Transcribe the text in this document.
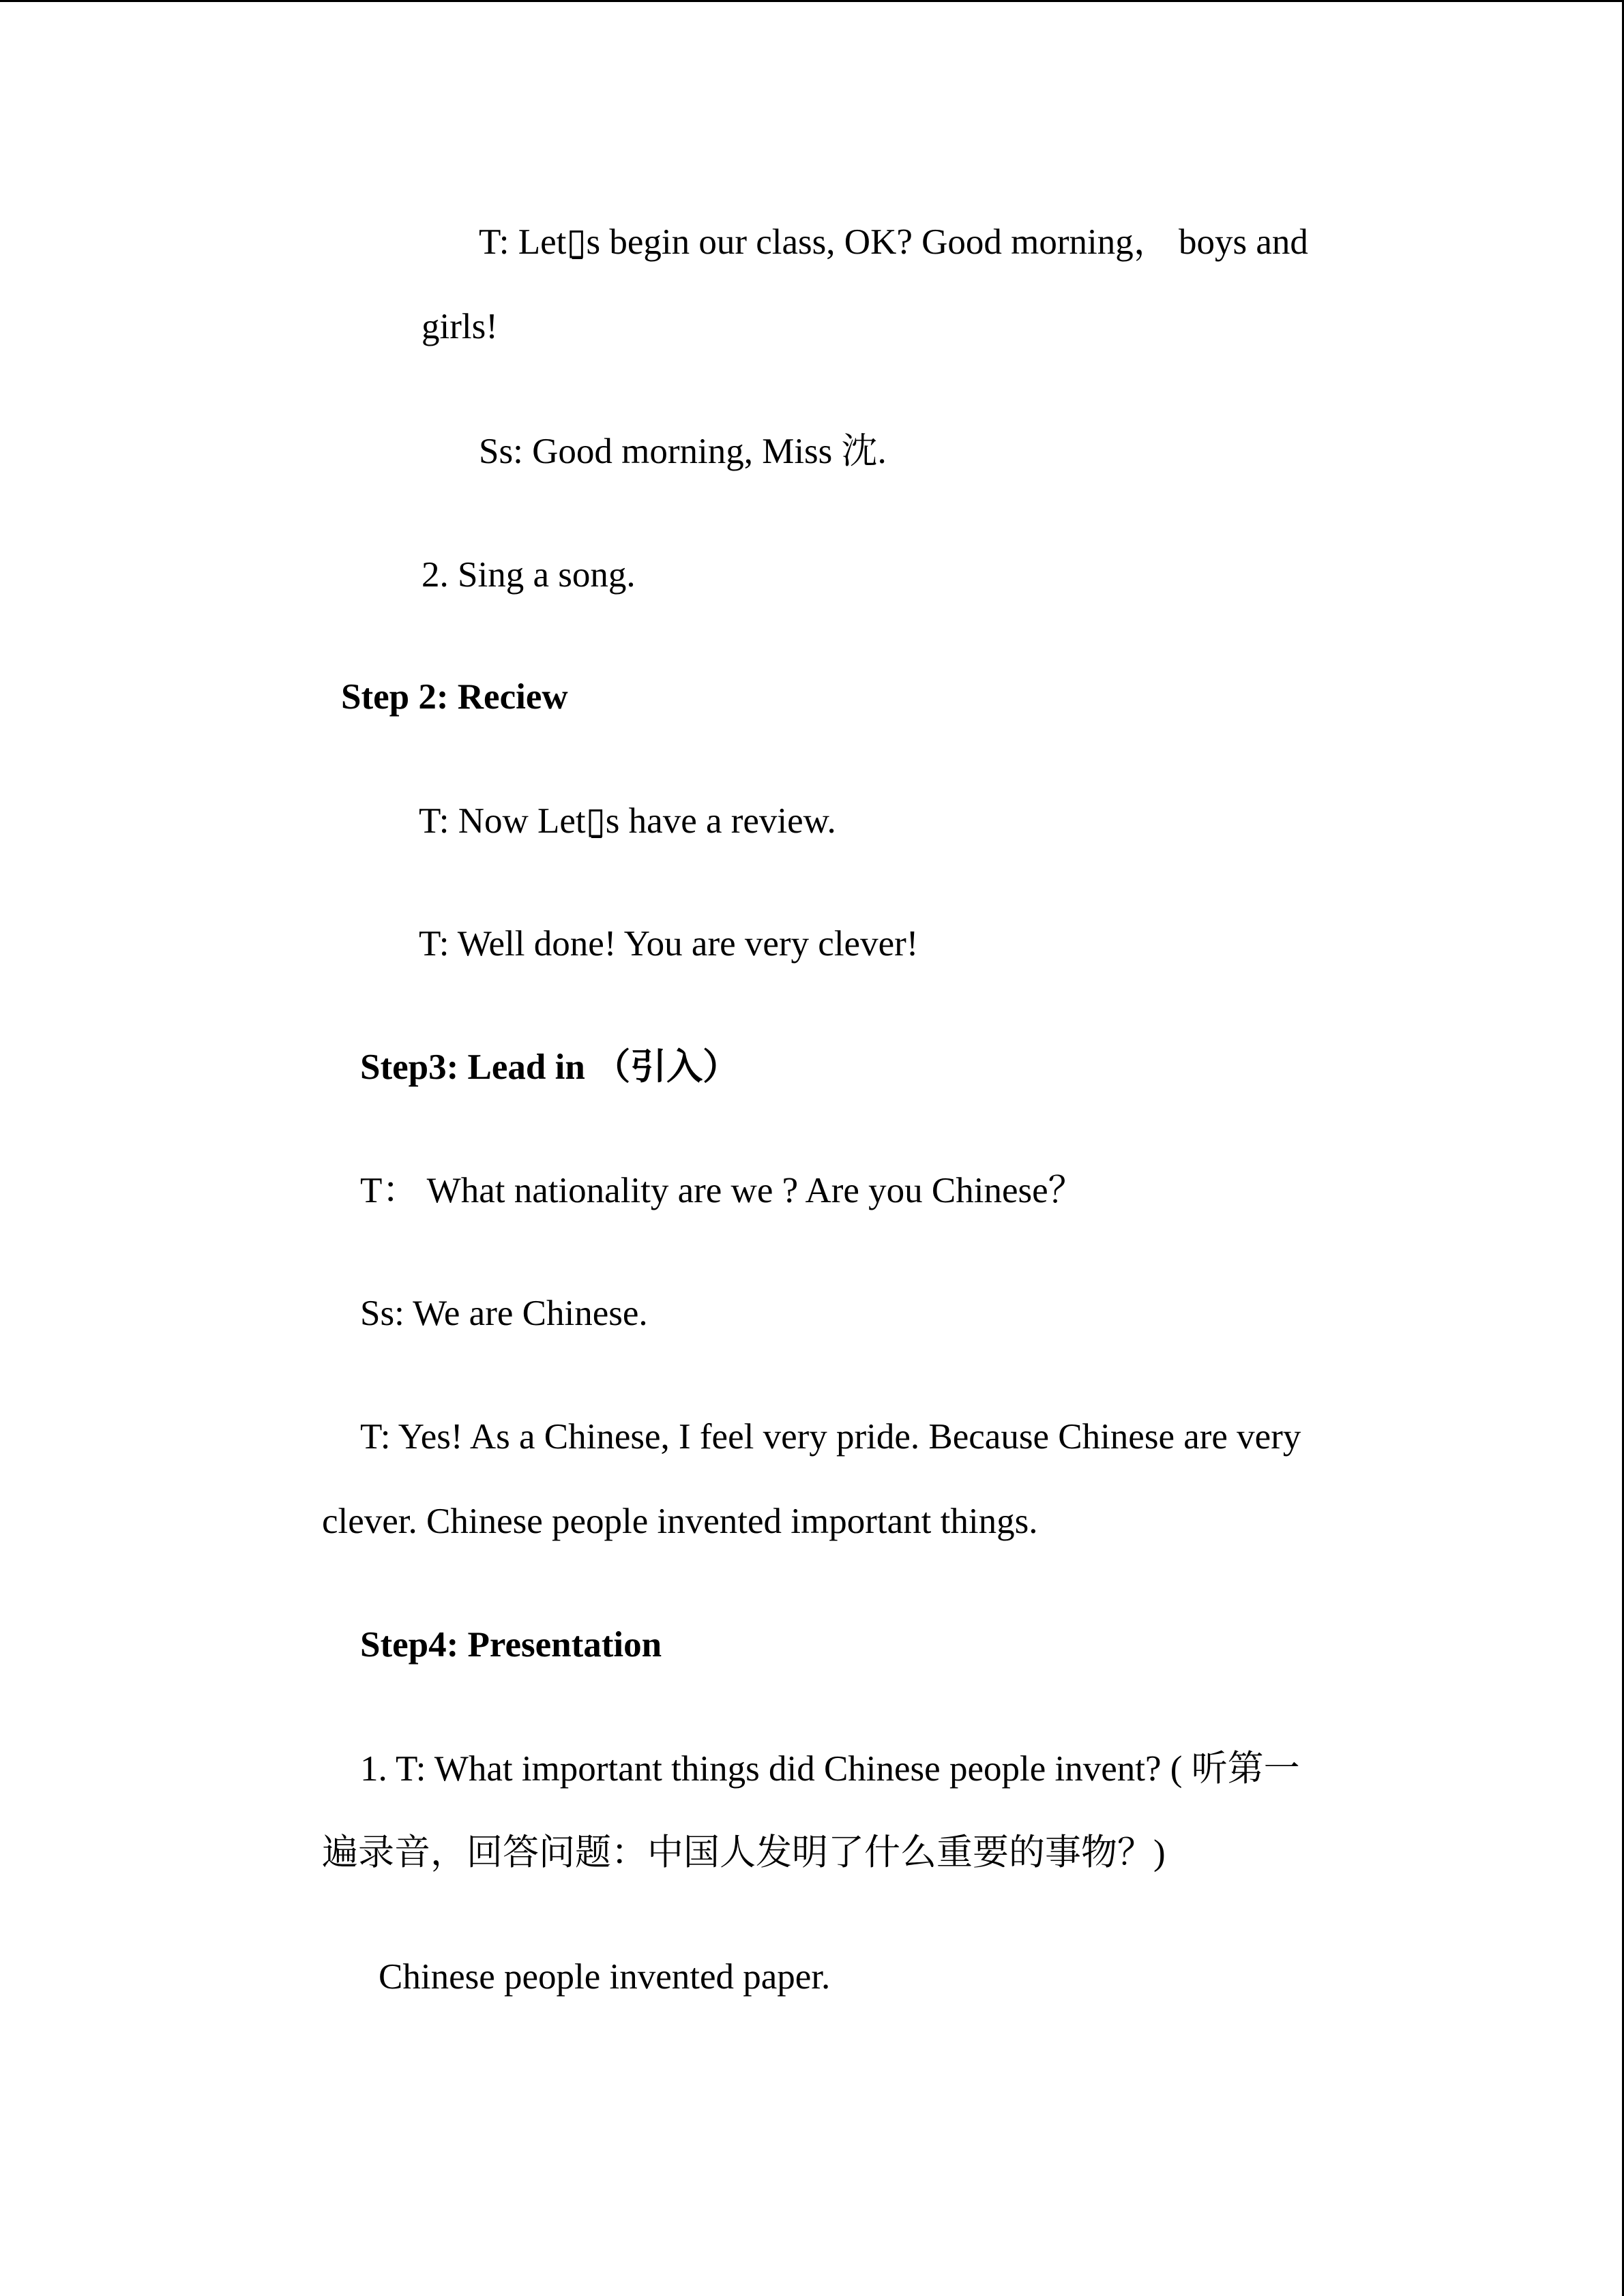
T: Let▯̱s begin our class, OK? Good morning， boys and

girls!

Ss: Good morning, Miss 沈.

2. Sing a song.

Step 2: Reciew

T: Now Let▯̱s have a review.

T: Well done! You are very clever!

Step3: Lead in （引入）

T： What nationality are we ? Are you Chinese？

Ss: We are Chinese.

T: Yes! As a Chinese, I feel very pride. Because Chinese are very

clever. Chinese people invented important things.

Step4: Presentation

1. T: What important things did Chinese people invent? ( 听第一

遍录音，回答问题：中国人发明了什么重要的事物？)

Chinese people invented paper.
